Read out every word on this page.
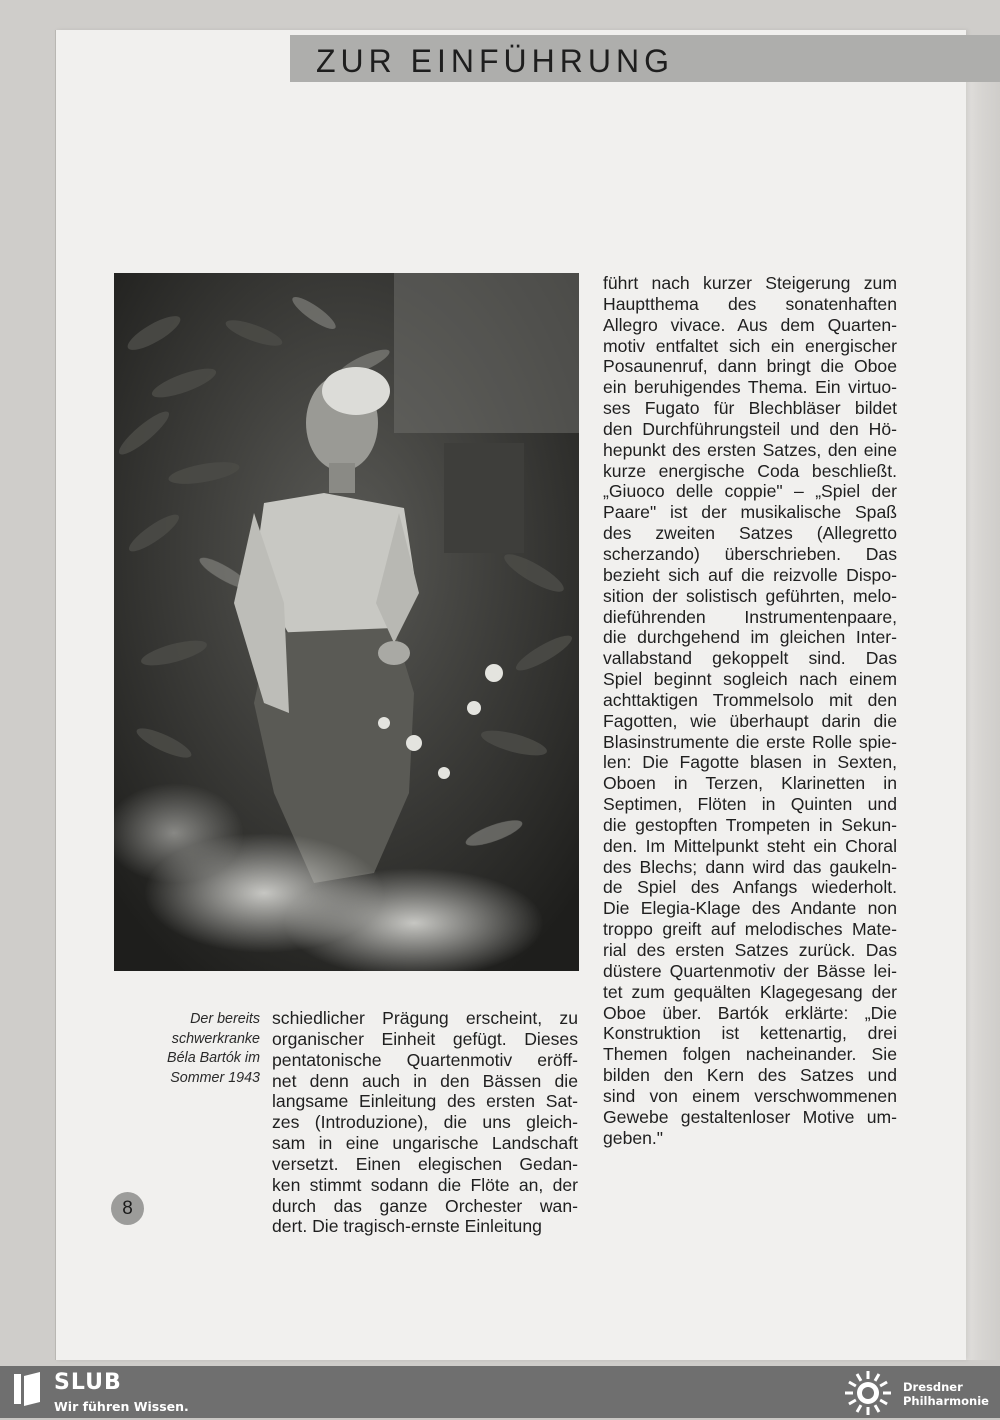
ZUR EINFÜHRUNG
Der bereits
schwerkranke
Béla Bartók im
Sommer 1943

schiedlicher Prägung erscheint, zu

organischer Einheit gefügt. Dieses

pentatonische Quartenmotiv eröff-

net denn auch in den Bässen die

langsame Einleitung des ersten Sat-

zes (Introduzione), die uns gleich-

sam in eine ungarische Landschaft

versetzt. Einen elegischen Gedan-

ken stimmt sodann die Flöte an, der

durch das ganze Orchester wan-

dert. Die tragisch-ernste Einleitung

führt nach kurzer Steigerung zum

Hauptthema des sonatenhaften

Allegro vivace. Aus dem Quarten-

motiv entfaltet sich ein energischer

Posaunenruf, dann bringt die Oboe

ein beruhigendes Thema. Ein virtuo-

ses Fugato für Blechbläser bildet

den Durchführungsteil und den Hö-

hepunkt des ersten Satzes, den eine

kurze energische Coda beschließt.

„Giuoco delle coppie" – „Spiel der

Paare" ist der musikalische Spaß

des zweiten Satzes (Allegretto

scherzando) überschrieben. Das

bezieht sich auf die reizvolle Dispo-

sition der solistisch geführten, melo-

dieführenden Instrumentenpaare,

die durchgehend im gleichen Inter-

vallabstand gekoppelt sind. Das

Spiel beginnt sogleich nach einem

achttaktigen Trommelsolo mit den

Fagotten, wie überhaupt darin die

Blasinstrumente die erste Rolle spie-

len: Die Fagotte blasen in Sexten,

Oboen in Terzen, Klarinetten in

Septimen, Flöten in Quinten und

die gestopften Trompeten in Sekun-

den. Im Mittelpunkt steht ein Choral

des Blechs; dann wird das gaukeln-

de Spiel des Anfangs wiederholt.

Die Elegia-Klage des Andante non

troppo greift auf melodisches Mate-

rial des ersten Satzes zurück. Das

düstere Quartenmotiv der Bässe lei-

tet zum gequälten Klagegesang der

Oboe über. Bartók erklärte: „Die

Konstruktion ist kettenartig, drei

Themen folgen nacheinander. Sie

bilden den Kern des Satzes und

sind von einem verschwommenen

Gewebe gestaltenloser Motive um-

geben."

8
SLUB
Wir führen Wissen.
Dresdner
Philharmonie
